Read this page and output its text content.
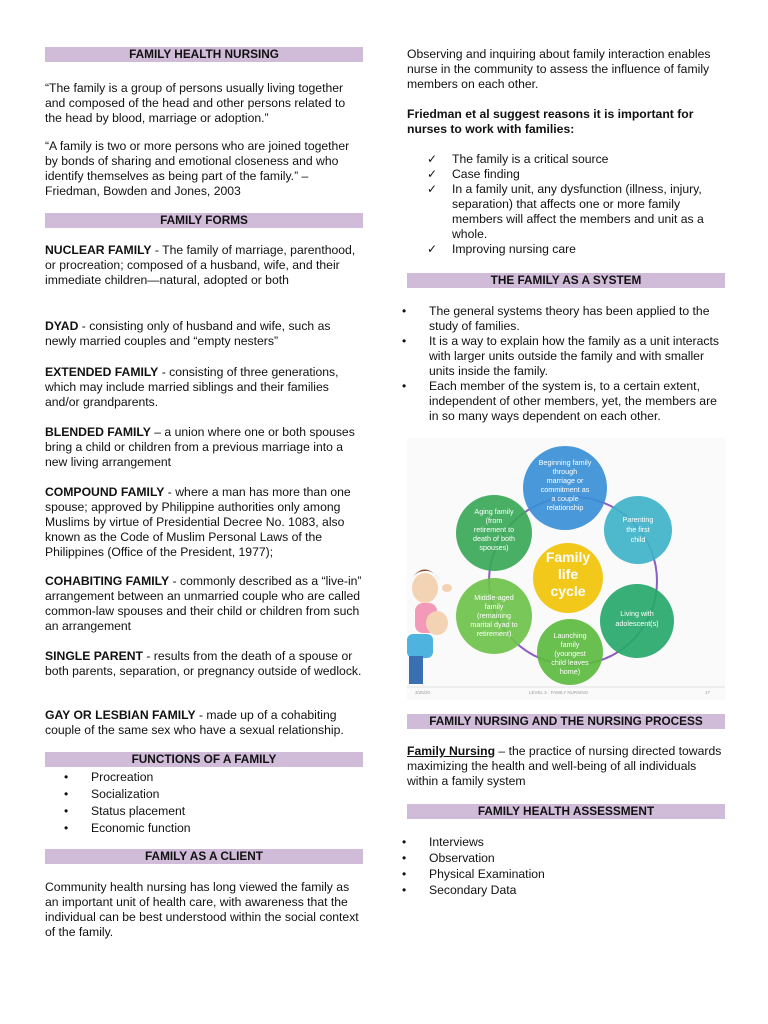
FAMILY HEALTH NURSING

“The family is a group of persons usually living together and composed of the head and other persons related to the head by blood, marriage or adoption.”

“A family is two or more persons who are joined together by bonds of sharing and emotional closeness and who identify themselves as being part of the family.” – Friedman, Bowden and Jones, 2003

FAMILY FORMS

NUCLEAR FAMILY - The family of marriage, parenthood, or procreation; composed of a husband, wife, and their immediate children—natural, adopted or both

DYAD - consisting only of husband and wife, such as newly married couples and “empty nesters”

EXTENDED FAMILY - consisting of three generations, which may include married siblings and their families and/or grandparents.

BLENDED FAMILY – a union where one or both spouses bring a child or children from a previous marriage into a new living arrangement

COMPOUND FAMILY - where a man has more than one spouse; approved by Philippine authorities only among Muslims by virtue of Presidential Decree No. 1083, also known as the Code of Muslim Personal Laws of the Philippines (Office of the President, 1977);

COHABITING FAMILY - commonly described as a “live-in” arrangement between an unmarried couple who are called common-law spouses and their child or children from such an arrangement

SINGLE PARENT - results from the death of a spouse or both parents, separation, or pregnancy outside of wedlock.

GAY OR LESBIAN FAMILY - made up of a cohabiting couple of the same sex who have a sexual relationship.

FUNCTIONS OF A FAMILY
• Procreation
• Socialization
• Status placement
• Economic function
FAMILY AS A CLIENT

Community health nursing has long viewed the family as an important unit of health care, with awareness that the individual can be best understood within the social context of the family.

Observing and inquiring about family interaction enables nurse in the community to assess the influence of family members on each other.

Friedman et al suggest reasons it is important for nurses to work with families:

✓ The family is a critical source
✓ Case finding
✓ In a family unit, any dysfunction (illness, injury, separation) that affects one or more family members will affect the members and unit as a whole.
✓ Improving nursing care
THE FAMILY AS A SYSTEM
• The general systems theory has been applied to the study of families.
• It is a way to explain how the family as a unit interacts with larger units outside the family and with smaller units inside the family.
• Each member of the system is, to a certain extent, independent of other members, yet, the members are in so many ways dependent on each other.
Family
life
cycle
Beginning family
through
marriage or
commitment as
a couple
relationship
Parenting
the first
child
Living with
adolescent(s)
Launching
family
(youngest
child leaves
home)
Middle-aged
family
(remaining
marital dyad to
retirement)
Aging family
(from
retirement to
death of both
spouses)
3/25/20	LEVEL 3 · FAMILY NURSING	17
FAMILY NURSING AND THE NURSING PROCESS

Family Nursing – the practice of nursing directed towards maximizing the health and well-being of all individuals within a family system

FAMILY HEALTH ASSESSMENT
• Interviews
• Observation
• Physical Examination
• Secondary Data
